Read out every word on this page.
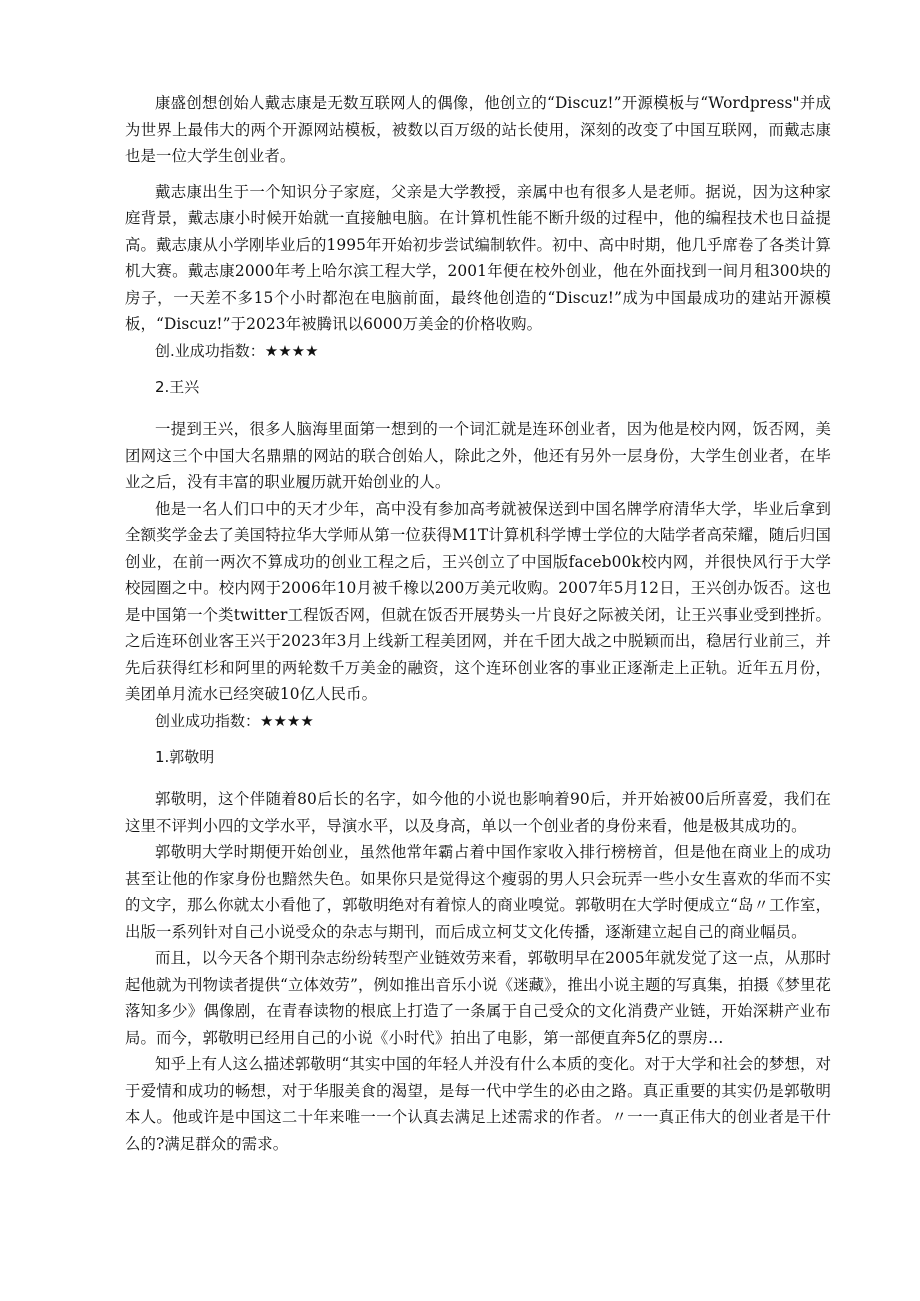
康盛创想创始人戴志康是无数互联网人的偶像，他创立的“Discuz!”开源模板与“Wordpress"并成为世界上最伟大的两个开源网站模板，被数以百万级的站长使用，深刻的改变了中国互联网，而戴志康也是一位大学生创业者。

戴志康出生于一个知识分子家庭，父亲是大学教授，亲属中也有很多人是老师。据说，因为这种家庭背景，戴志康小时候开始就一直接触电脑。在计算机性能不断升级的过程中，他的编程技术也日益提高。戴志康从小学刚毕业后的1995年开始初步尝试编制软件。初中、高中时期，他几乎席卷了各类计算机大赛。戴志康2000年考上哈尔滨工程大学，2001年便在校外创业，他在外面找到一间月租300块的房子，一天差不多15个小时都泡在电脑前面，最终他创造的“Discuz!”成为中国最成功的建站开源模板，“Discuz!”于2023年被腾讯以6000万美金的价格收购。

创.业成功指数：★★★★

2.王兴

一提到王兴，很多人脑海里面第一想到的一个词汇就是连环创业者，因为他是校内网，饭否网，美团网这三个中国大名鼎鼎的网站的联合创始人，除此之外，他还有另外一层身份，大学生创业者，在毕业之后，没有丰富的职业履历就开始创业的人。

他是一名人们口中的天才少年，高中没有参加高考就被保送到中国名牌学府清华大学，毕业后拿到全额奖学金去了美国特拉华大学师从第一位获得M1T计算机科学博士学位的大陆学者高荣耀，随后归国创业，在前一两次不算成功的创业工程之后，王兴创立了中国版faceb00k校内网，并很快风行于大学校园圈之中。校内网于2006年10月被千橡以200万美元收购。2007年5月12日，王兴创办饭否。这也是中国第一个类twitter工程饭否网，但就在饭否开展势头一片良好之际被关闭，让王兴事业受到挫折。之后连环创业客王兴于2023年3月上线新工程美团网，并在千团大战之中脱颖而出，稳居行业前三，并先后获得红杉和阿里的两轮数千万美金的融资，这个连环创业客的事业正逐渐走上正轨。近年五月份，美团单月流水已经突破10亿人民币。

创业成功指数：★★★★

1.郭敬明

郭敬明，这个伴随着80后长的名字，如今他的小说也影响着90后，并开始被00后所喜爱，我们在这里不评判小四的文学水平，导演水平，以及身高，单以一个创业者的身份来看，他是极其成功的。

郭敬明大学时期便开始创业，虽然他常年霸占着中国作家收入排行榜榜首，但是他在商业上的成功甚至让他的作家身份也黯然失色。如果你只是觉得这个瘦弱的男人只会玩弄一些小女生喜欢的华而不实的文字，那么你就太小看他了，郭敬明绝对有着惊人的商业嗅觉。郭敬明在大学时便成立“岛〃工作室，出版一系列针对自己小说受众的杂志与期刊，而后成立柯艾文化传播，逐渐建立起自己的商业幅员。

而且，以今天各个期刊杂志纷纷转型产业链效劳来看，郭敬明早在2005年就发觉了这一点，从那时起他就为刊物读者提供“立体效劳”，例如推出音乐小说《迷藏》，推出小说主题的写真集，拍摄《梦里花落知多少》偶像剧，在青春读物的根底上打造了一条属于自己受众的文化消费产业链，开始深耕产业布局。而今，郭敬明已经用自己的小说《小时代》拍出了电影，第一部便直奔5亿的票房…

知乎上有人这么描述郭敬明“其实中国的年轻人并没有什么本质的变化。对于大学和社会的梦想，对于爱情和成功的畅想，对于华服美食的渴望，是每一代中学生的必由之路。真正重要的其实仍是郭敬明本人。他或许是中国这二十年来唯一一个认真去满足上述需求的作者。〃一一真正伟大的创业者是干什么的?满足群众的需求。
